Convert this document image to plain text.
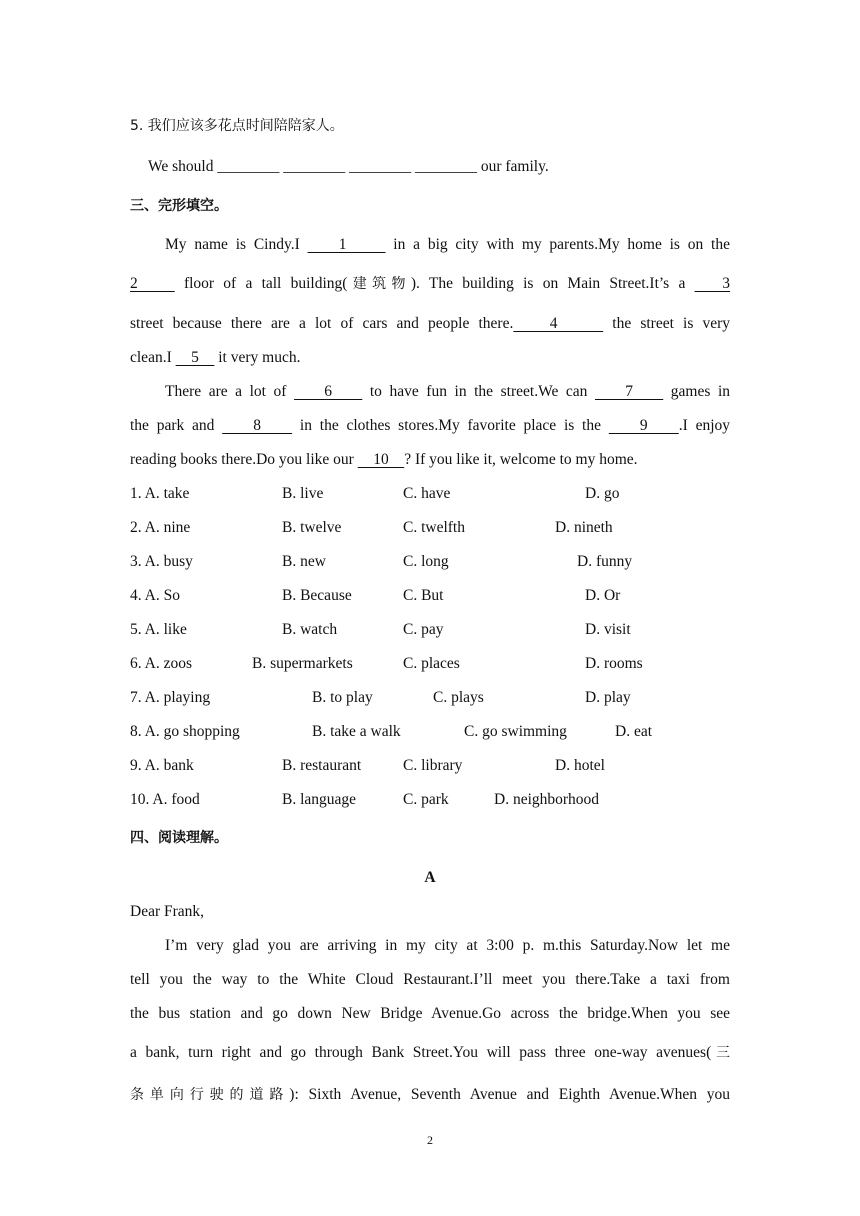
5. 我们应该多花点时间陪陪家人。
We should ________ ________ ________ ________ our family.
三、完形填空。
My name is Cindy.I     1      in a big city with my parents.My home is on the
2     floor of a tall building(建筑物). The building is on Main Street.It’s a    3
street because there are a lot of cars and people there.    4      the street is very
clean.I     5     it very much.
There are a lot of     6     to have fun in the street.We can     7     games in
the park and     8     in the clothes stores.My favorite place is the     9    .I enjoy
reading books there.Do you like our     10    ? If you like it, welcome to my home.
1. A. take	B. live	C. have	D. go
2. A. nine	B. twelve	C. twelfth	D. nineth
3. A. busy	B. new	C. long	D. funny
4. A. So	B. Because	C. But	D. Or
5. A. like	B. watch	C. pay	D. visit
6. A. zoos	B. supermarkets	C. places	D. rooms
7. A. playing	B. to play	C. plays	D. play
8. A. go shopping	B. take a walk	C. go swimming	D. eat
9. A. bank	B. restaurant	C. library	D. hotel
10. A. food	B. language	C. park	D. neighborhood
四、阅读理解。
A
Dear Frank,
I’m very glad you are arriving in my city at 3:00 p. m.this Saturday.Now let me
tell you the way to the White Cloud Restaurant.I’ll meet you there.Take a taxi from
the bus station and go down New Bridge Avenue.Go across the bridge.When you see
a bank, turn right and go through Bank Street.You will pass three one-way avenues(三
条单向行驶的道路): Sixth Avenue, Seventh Avenue and Eighth Avenue.When you
2
